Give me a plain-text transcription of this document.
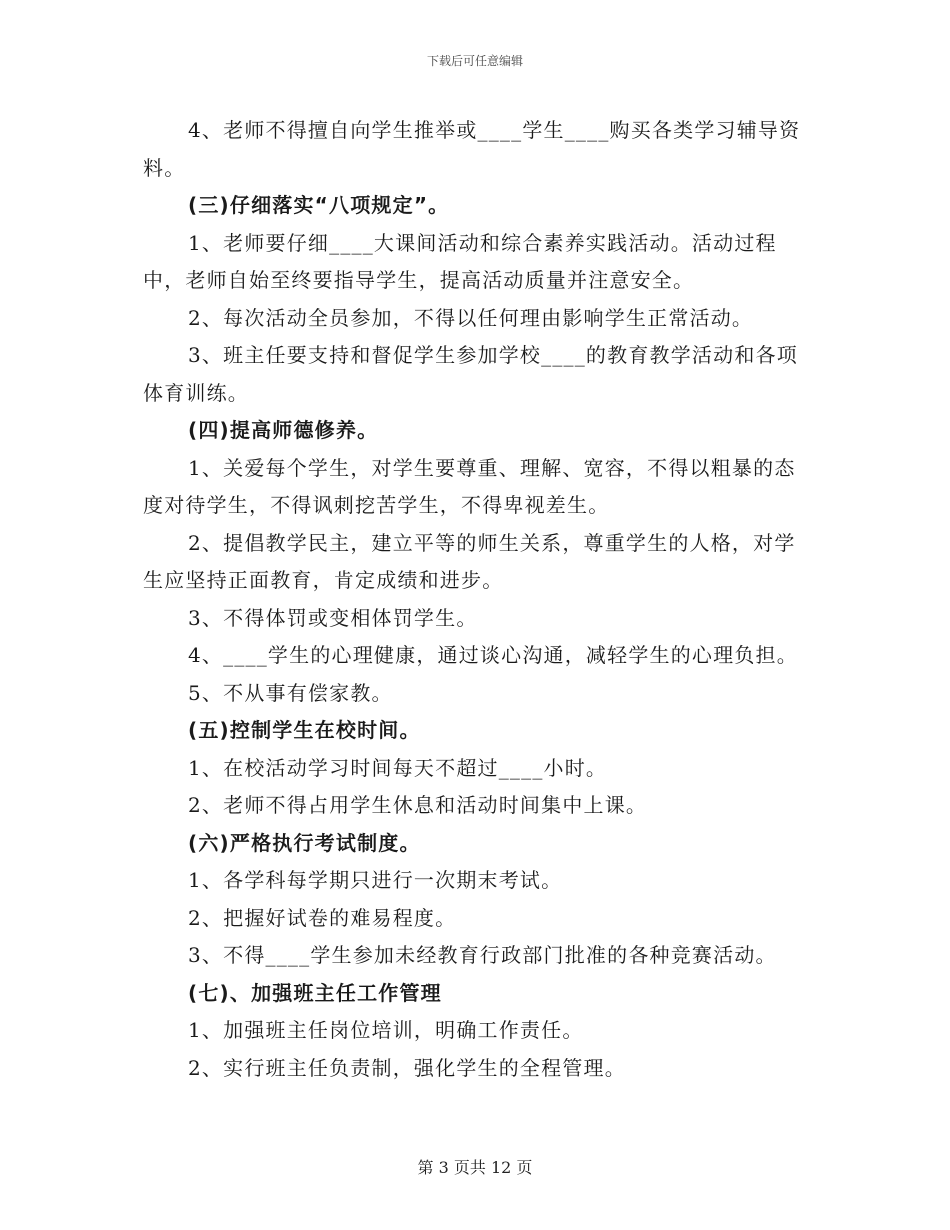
下载后可任意编辑

4、老师不得擅自向学生推举或____学生____购买各类学习辅导资料。

(三)仔细落实“八项规定”。

1、老师要仔细____大课间活动和综合素养实践活动。活动过程中，老师自始至终要指导学生，提高活动质量并注意安全。

2、每次活动全员参加，不得以任何理由影响学生正常活动。

3、班主任要支持和督促学生参加学校____的教育教学活动和各项体育训练。

(四)提高师德修养。

1、关爱每个学生，对学生要尊重、理解、宽容，不得以粗暴的态度对待学生，不得讽刺挖苦学生，不得卑视差生。

2、提倡教学民主，建立平等的师生关系，尊重学生的人格，对学生应坚持正面教育，肯定成绩和进步。

3、不得体罚或变相体罚学生。

4、____学生的心理健康，通过谈心沟通，减轻学生的心理负担。

5、不从事有偿家教。

(五)控制学生在校时间。

1、在校活动学习时间每天不超过____小时。

2、老师不得占用学生休息和活动时间集中上课。

(六)严格执行考试制度。

1、各学科每学期只进行一次期末考试。

2、把握好试卷的难易程度。

3、不得____学生参加未经教育行政部门批准的各种竞赛活动。

(七)、加强班主任工作管理

1、加强班主任岗位培训，明确工作责任。

2、实行班主任负责制，强化学生的全程管理。

第 3 页共 12 页
